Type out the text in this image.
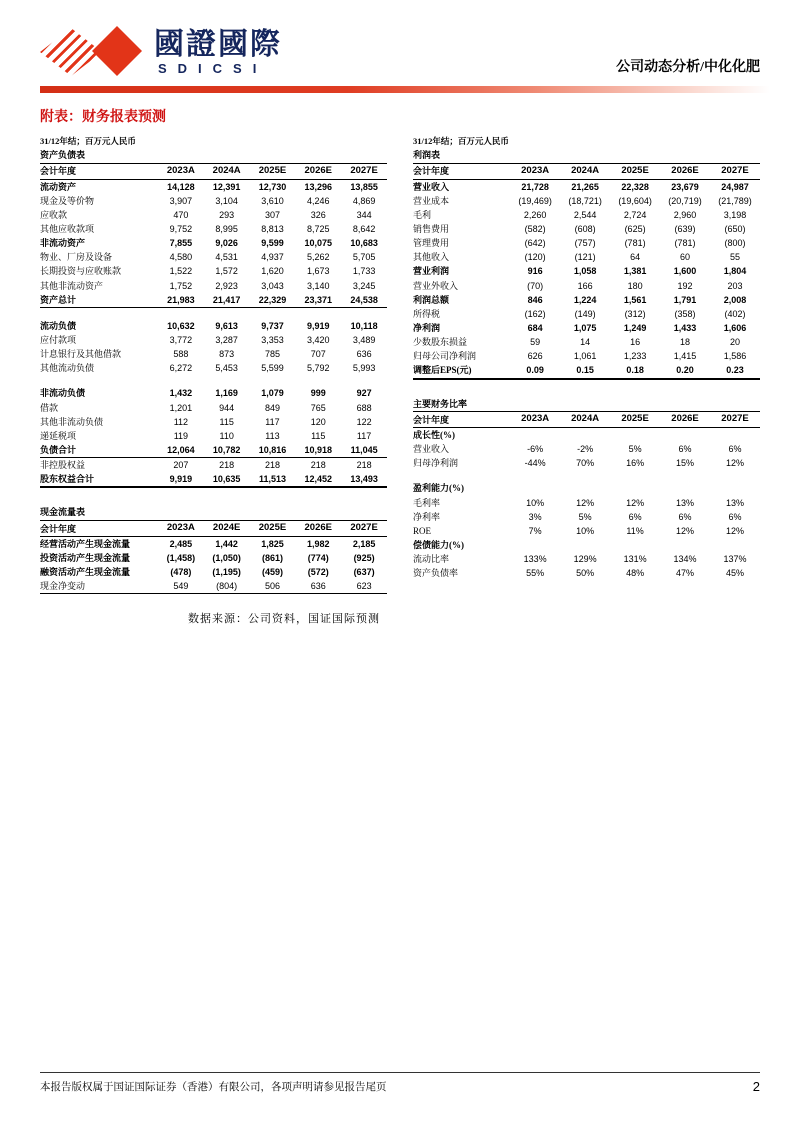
國證國際
SDICSI	公司动态分析/中化化肥
附表：财务报表预测
31/12年结；百万元人民币
资产负债表
会计年度	2023A	2024A	2025E	2026E	2027E
流动资产	14,128	12,391	12,730	13,296	13,855
现金及等价物	3,907	3,104	3,610	4,246	4,869
应收款	470	293	307	326	344
其他应收款项	9,752	8,995	8,813	8,725	8,642
非流动资产	7,855	9,026	9,599	10,075	10,683
物业、厂房及设备	4,580	4,531	4,937	5,262	5,705
长期投资与应收账款	1,522	1,572	1,620	1,673	1,733
其他非流动资产	1,752	2,923	3,043	3,140	3,245
资产总计	21,983	21,417	22,329	23,371	24,538

流动负债	10,632	9,613	9,737	9,919	10,118
应付款项	3,772	3,287	3,353	3,420	3,489
计息银行及其他借款	588	873	785	707	636
其他流动负债	6,272	5,453	5,599	5,792	5,993

非流动负债	1,432	1,169	1,079	999	927
借款	1,201	944	849	765	688
其他非流动负债	112	115	117	120	122
递延税项	119	110	113	115	117
负债合计	12,064	10,782	10,816	10,918	11,045
非控股权益	207	218	218	218	218
股东权益合计	9,919	10,635	11,513	12,452	13,493
现金流量表
会计年度	2023A	2024E	2025E	2026E	2027E
经营活动产生现金流量	2,485	1,442	1,825	1,982	2,185
投资活动产生现金流量	(1,458)	(1,050)	(861)	(774)	(925)
融资活动产生现金流量	(478)	(1,195)	(459)	(572)	(637)
现金净变动	549	(804)	506	636	623
数据来源：公司资料，国证国际预测
31/12年结；百万元人民币
利润表
会计年度	2023A	2024A	2025E	2026E	2027E
营业收入	21,728	21,265	22,328	23,679	24,987
营业成本	(19,469)	(18,721)	(19,604)	(20,719)	(21,789)
毛利	2,260	2,544	2,724	2,960	3,198
销售费用	(582)	(608)	(625)	(639)	(650)
管理费用	(642)	(757)	(781)	(781)	(800)
其他收入	(120)	(121)	64	60	55
营业利润	916	1,058	1,381	1,600	1,804
营业外收入	(70)	166	180	192	203
利润总额	846	1,224	1,561	1,791	2,008
所得税	(162)	(149)	(312)	(358)	(402)
净利润	684	1,075	1,249	1,433	1,606
少数股东损益	59	14	16	18	20
归母公司净利润	626	1,061	1,233	1,415	1,586
调整后EPS(元)	0.09	0.15	0.18	0.20	0.23
主要财务比率
会计年度	2023A	2024A	2025E	2026E	2027E
成长性(%)					
营业收入	-6%	-2%	5%	6%	6%
归母净利润	-44%	70%	16%	15%	12%

盈利能力(%)					
毛利率	10%	12%	12%	13%	13%
净利率	3%	5%	6%	6%	6%
ROE	7%	10%	11%	12%	12%
偿债能力(%)					
流动比率	133%	129%	131%	134%	137%
资产负债率	55%	50%	48%	47%	45%
本报告版权属于国证国际证券（香港）有限公司，各项声明请参见报告尾页	2
